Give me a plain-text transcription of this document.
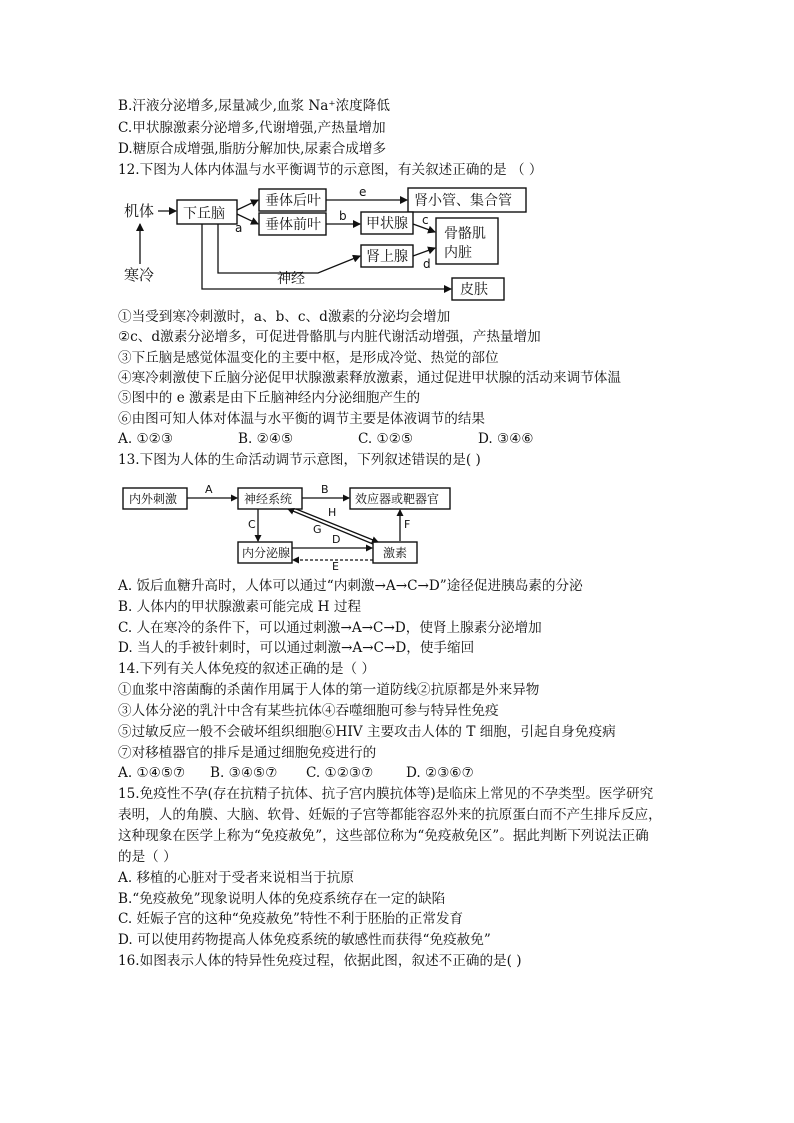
B.汗液分泌增多,尿量减少,血浆 Na⁺浓度降低
C.甲状腺激素分泌增多,代谢增强,产热量增加
D.糖原合成增强,脂肪分解加快,尿素合成增多
12.下图为人体内体温与水平衡调节的示意图，有关叙述正确的是 （ ）
机体
寒冷
下丘脑
垂体后叶
垂体前叶
a
肾小管、集合管
e
甲状腺
b
骨骼肌
内脏
c
肾上腺 d
神经
皮肤
①当受到寒冷刺激时，a、b、c、d激素的分泌均会增加
②c、d激素分泌增多，可促进骨骼肌与内脏代谢活动增强，产热量增加
③下丘脑是感觉体温变化的主要中枢，是形成冷觉、热觉的部位
④寒冷刺激使下丘脑分泌促甲状腺激素释放激素，通过促进甲状腺的活动来调节体温
⑤图中的 e 激素是由下丘脑神经内分泌细胞产生的
⑥由图可知人体对体温与水平衡的调节主要是体液调节的结果
A. ①②③	B. ②④⑤	C. ①②⑤	D. ③④⑥
13.下图为人体的生命活动调节示意图，下列叙述错误的是( )
内外刺激	神经系统	效应器或靶器官
内分泌腺	激素
A	B
C
D
E
F
G
H
A. 饭后血糖升高时，人体可以通过“内刺激→A→C→D”途径促进胰岛素的分泌
B. 人体内的甲状腺激素可能完成 H 过程
C. 人在寒冷的条件下，可以通过刺激→A→C→D，使肾上腺素分泌增加
D. 当人的手被针刺时，可以通过刺激→A→C→D，使手缩回
14.下列有关人体免疫的叙述正确的是（ ）
①血浆中溶菌酶的杀菌作用属于人体的第一道防线②抗原都是外来异物
③人体分泌的乳汁中含有某些抗体④吞噬细胞可参与特异性免疫
⑤过敏反应一般不会破坏组织细胞⑥HIV 主要攻击人体的 T 细胞，引起自身免疫病
⑦对移植器官的排斥是通过细胞免疫进行的
A. ①④⑤⑦ B. ③④⑤⑦ C. ①②③⑦ D. ②③⑥⑦
15.免疫性不孕(存在抗精子抗体、抗子宫内膜抗体等)是临床上常见的不孕类型。医学研究
表明，人的角膜、大脑、软骨、妊娠的子宫等都能容忍外来的抗原蛋白而不产生排斥反应，
这种现象在医学上称为“免疫赦免”，这些部位称为“免疫赦免区”。据此判断下列说法正确
的是（ ）
A. 移植的心脏对于受者来说相当于抗原
B.“免疫赦免”现象说明人体的免疫系统存在一定的缺陷
C. 妊娠子宫的这种“免疫赦免”特性不利于胚胎的正常发育
D. 可以使用药物提高人体免疫系统的敏感性而获得“免疫赦免”
16.如图表示人体的特异性免疫过程，依据此图，叙述不正确的是( )
